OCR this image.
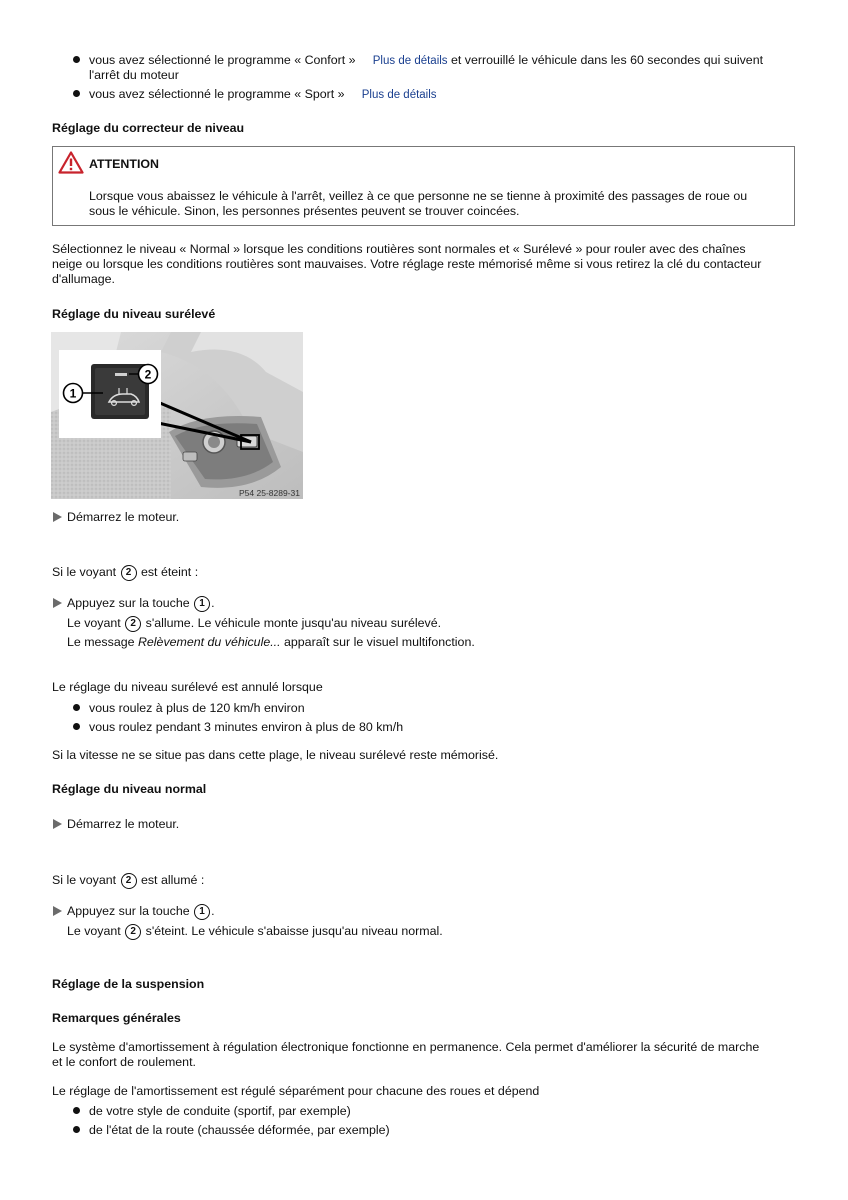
vous avez sélectionné le programme « Confort » Plus de détails et verrouillé le véhicule dans les 60 secondes qui suivent
l'arrêt du moteur
vous avez sélectionné le programme « Sport » Plus de détails
Réglage du correcteur de niveau
ATTENTION
Lorsque vous abaissez le véhicule à l'arrêt, veillez à ce que personne ne se tienne à proximité des passages de roue ou
sous le véhicule. Sinon, les personnes présentes peuvent se trouver coincées.
Sélectionnez le niveau « Normal » lorsque les conditions routières sont normales et « Surélevé » pour rouler avec des chaînes
neige ou lorsque les conditions routières sont mauvaises. Votre réglage reste mémorisé même si vous retirez la clé du contacteur
d'allumage.
Réglage du niveau surélevé
1
2
P54 25-8289-31
Démarrez le moteur.
Si le voyant 2 est éteint :
Appuyez sur la touche 1 .
Le voyant 2 s'allume. Le véhicule monte jusqu'au niveau surélevé.
Le message Relèvement du véhicule... apparaît sur le visuel multifonction.
Le réglage du niveau surélevé est annulé lorsque
vous roulez à plus de 120 km/h environ
vous roulez pendant 3 minutes environ à plus de 80 km/h
Si la vitesse ne se situe pas dans cette plage, le niveau surélevé reste mémorisé.
Réglage du niveau normal
Démarrez le moteur.
Si le voyant 2 est allumé :
Appuyez sur la touche 1 .
Le voyant 2 s'éteint. Le véhicule s'abaisse jusqu'au niveau normal.
Réglage de la suspension
Remarques générales
Le système d'amortissement à régulation électronique fonctionne en permanence. Cela permet d'améliorer la sécurité de marche
et le confort de roulement.
Le réglage de l'amortissement est régulé séparément pour chacune des roues et dépend
de votre style de conduite (sportif, par exemple)
de l'état de la route (chaussée déformée, par exemple)
